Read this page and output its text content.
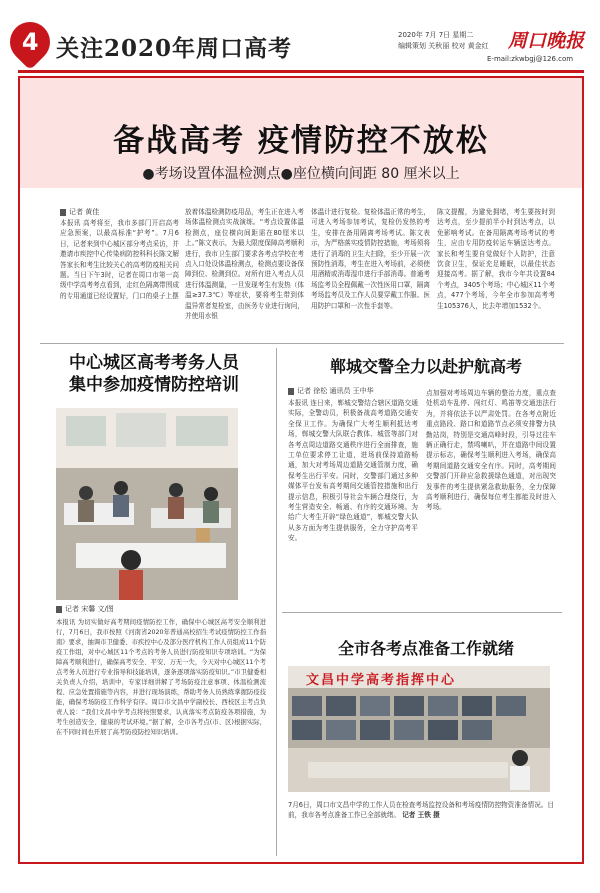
4 关注2020年周口高考	2020年 7月 7日 星期二
编辑策划 关秋丽 校对 黄金红	周口晚报
E-mail:zkwbgj@126.com
备战高考 疫情防控不放松
●考场设置体温检测点●座位横向间距 80 厘米以上
记者 黄佳
本报讯 高考将至，我市多部门开启高考应急预案，以最高标准“护考”。7月6日，记者来到中心城区部分考点采访，并邀请市疾控中心传染病防控科科长陈文解答家长和考生比较关心的高考防疫相关问题。当日下午3时，记者在周口市第一高级中学高考考点看到，走红色隔离带围成的专用通道已经设置好，门口的桌子上摆
放着体温检测防疫用品，考生正在进入考场体温检测点实战演练。“考点设置体温检测点，座位横向间距需在80厘米以上。”陈文表示，为最大限度保障高考顺利进行，我市卫生部门要求各考点学校在考点入口处设体温检测点，检测点要设备保障到位、检测到位。对所有进入考点人员进行体温测量，一旦发现考生有发热（体温≥37.3℃）等症状，要将考生带到体温异常者复检室，由医务专业进行询问，并使用水银
体温计进行复检。复检体温正常的考生，可进入考场参加考试，复检仍发热的考生，安排在备用隔离考场考试。陈文表示，为严格落实疫情防控措施，考场须将进行了消毒的卫生大扫除，至少开展一次预防性消毒，考生在进入考场前，必须使用酒精或消毒湿巾进行手部消毒。普通考场监考员全程佩戴一次性医用口罩，隔离考场监考员及工作人员要穿戴工作服、医用防护口罩和一次性手套等。
陈文提醒，为避免拥堵，考生要按时到达考点，至少提前半小时到达考点，以免影响考试。在备用隔离考场考试的考生，应由专用防疫转运车辆送达考点。家长和考生要自觉做好个人防护，注意饮食卫生，保证充足睡眠，以最佳状态迎接高考。据了解，我市今年共设置84个考点，3405个考场；中心城区11个考点，477个考场，今年全市参加高考考生105376人，比去年增加1532个。
中心城区高考考务人员
集中参加疫情防控培训
记者 宋馨 文/图
本报讯 为切实做好高考期间疫情防控工作，确保中心城区高考安全顺利进行，7月6日，我市按照《河南省2020年普通高校招生考试疫情防控工作指南》要求，抽调市卫健委、市疾控中心及部分医疗机构工作人员组成11个防疫工作组，对中心城区11个考点的考务人员进行防疫知识专项培训。“为保障高考顺利进行，确保高考安全、平安、万无一失，今天对中心城区11个考点考务人员进行专业指导和技能培训，逐条逐项落实防疫知识。”市卫健委相关负责人介绍，培训中，专家详细讲解了考场防疫注意事项、体温检测流程、应急处置措施等内容，并进行现场演练，帮助考务人员熟练掌握防疫技能，确保考场防疫工作科学有序。周口市文昌中学副校长、西校区主考点负责人说：“我们文昌中学考点将按照要求，认真落实考点防疫各项措施，为考生创造安全、健康的考试环境。”据了解，全市各考点(市、区)根据实际，在不同时间也开展了高考防疫防控知识培训。
郸城交警全力以赴护航高考
记者 徐松 通讯员 王中华
本报讯 连日来，郸城交警结合辖区道路交通实际，全警动员，积极备战高考道路交通安全保卫工作。为确保广大考生顺利抵达考场，郸城交警大队联合教体、城管等部门对各考点周边道路交通秩序进行全面排查，施工单位要求停工让道，进场前保持道路畅通，加大对考场周边道路交通管制力度，确保考生出行平安。同时，交警部门通过多种媒体平台发布高考期间交通管控措施和出行提示信息，积极引导社会车辆合理绕行，为考生营造安全、畅通、有序的交通环境。为给广大考生开辟“绿色通道”，郸城交警大队从多方面为考生提供服务，全力守护高考平安。
点加强对考场周边车辆的整治力度，重点查处机动车乱停、闯红灯、鸣笛等交通违法行为，并将依法予以严肃处罚。在各考点附近重点路段、路口和道路节点必须安排警力执勤站岗，特别是交通高峰时段，引导过往车辆正确行走，禁鸣喇叭，并在道路中间设置提示标志，确保考生顺利进入考场，确保高考期间道路交通安全有序。同时，高考期间交警部门开辟应急救援绿色通道，对出现突发事件的考生提供紧急救助服务，全力保障高考顺利进行，确保每位考生都能及时进入考场。
全市各考点准备工作就绪
文昌中学高考指挥中心
7月6日，周口市文昌中学的工作人员在检查考场监控设备和考场疫情防控物资准备情况。目前，我市各考点准备工作已全部就绪。 记者 王铁 摄
